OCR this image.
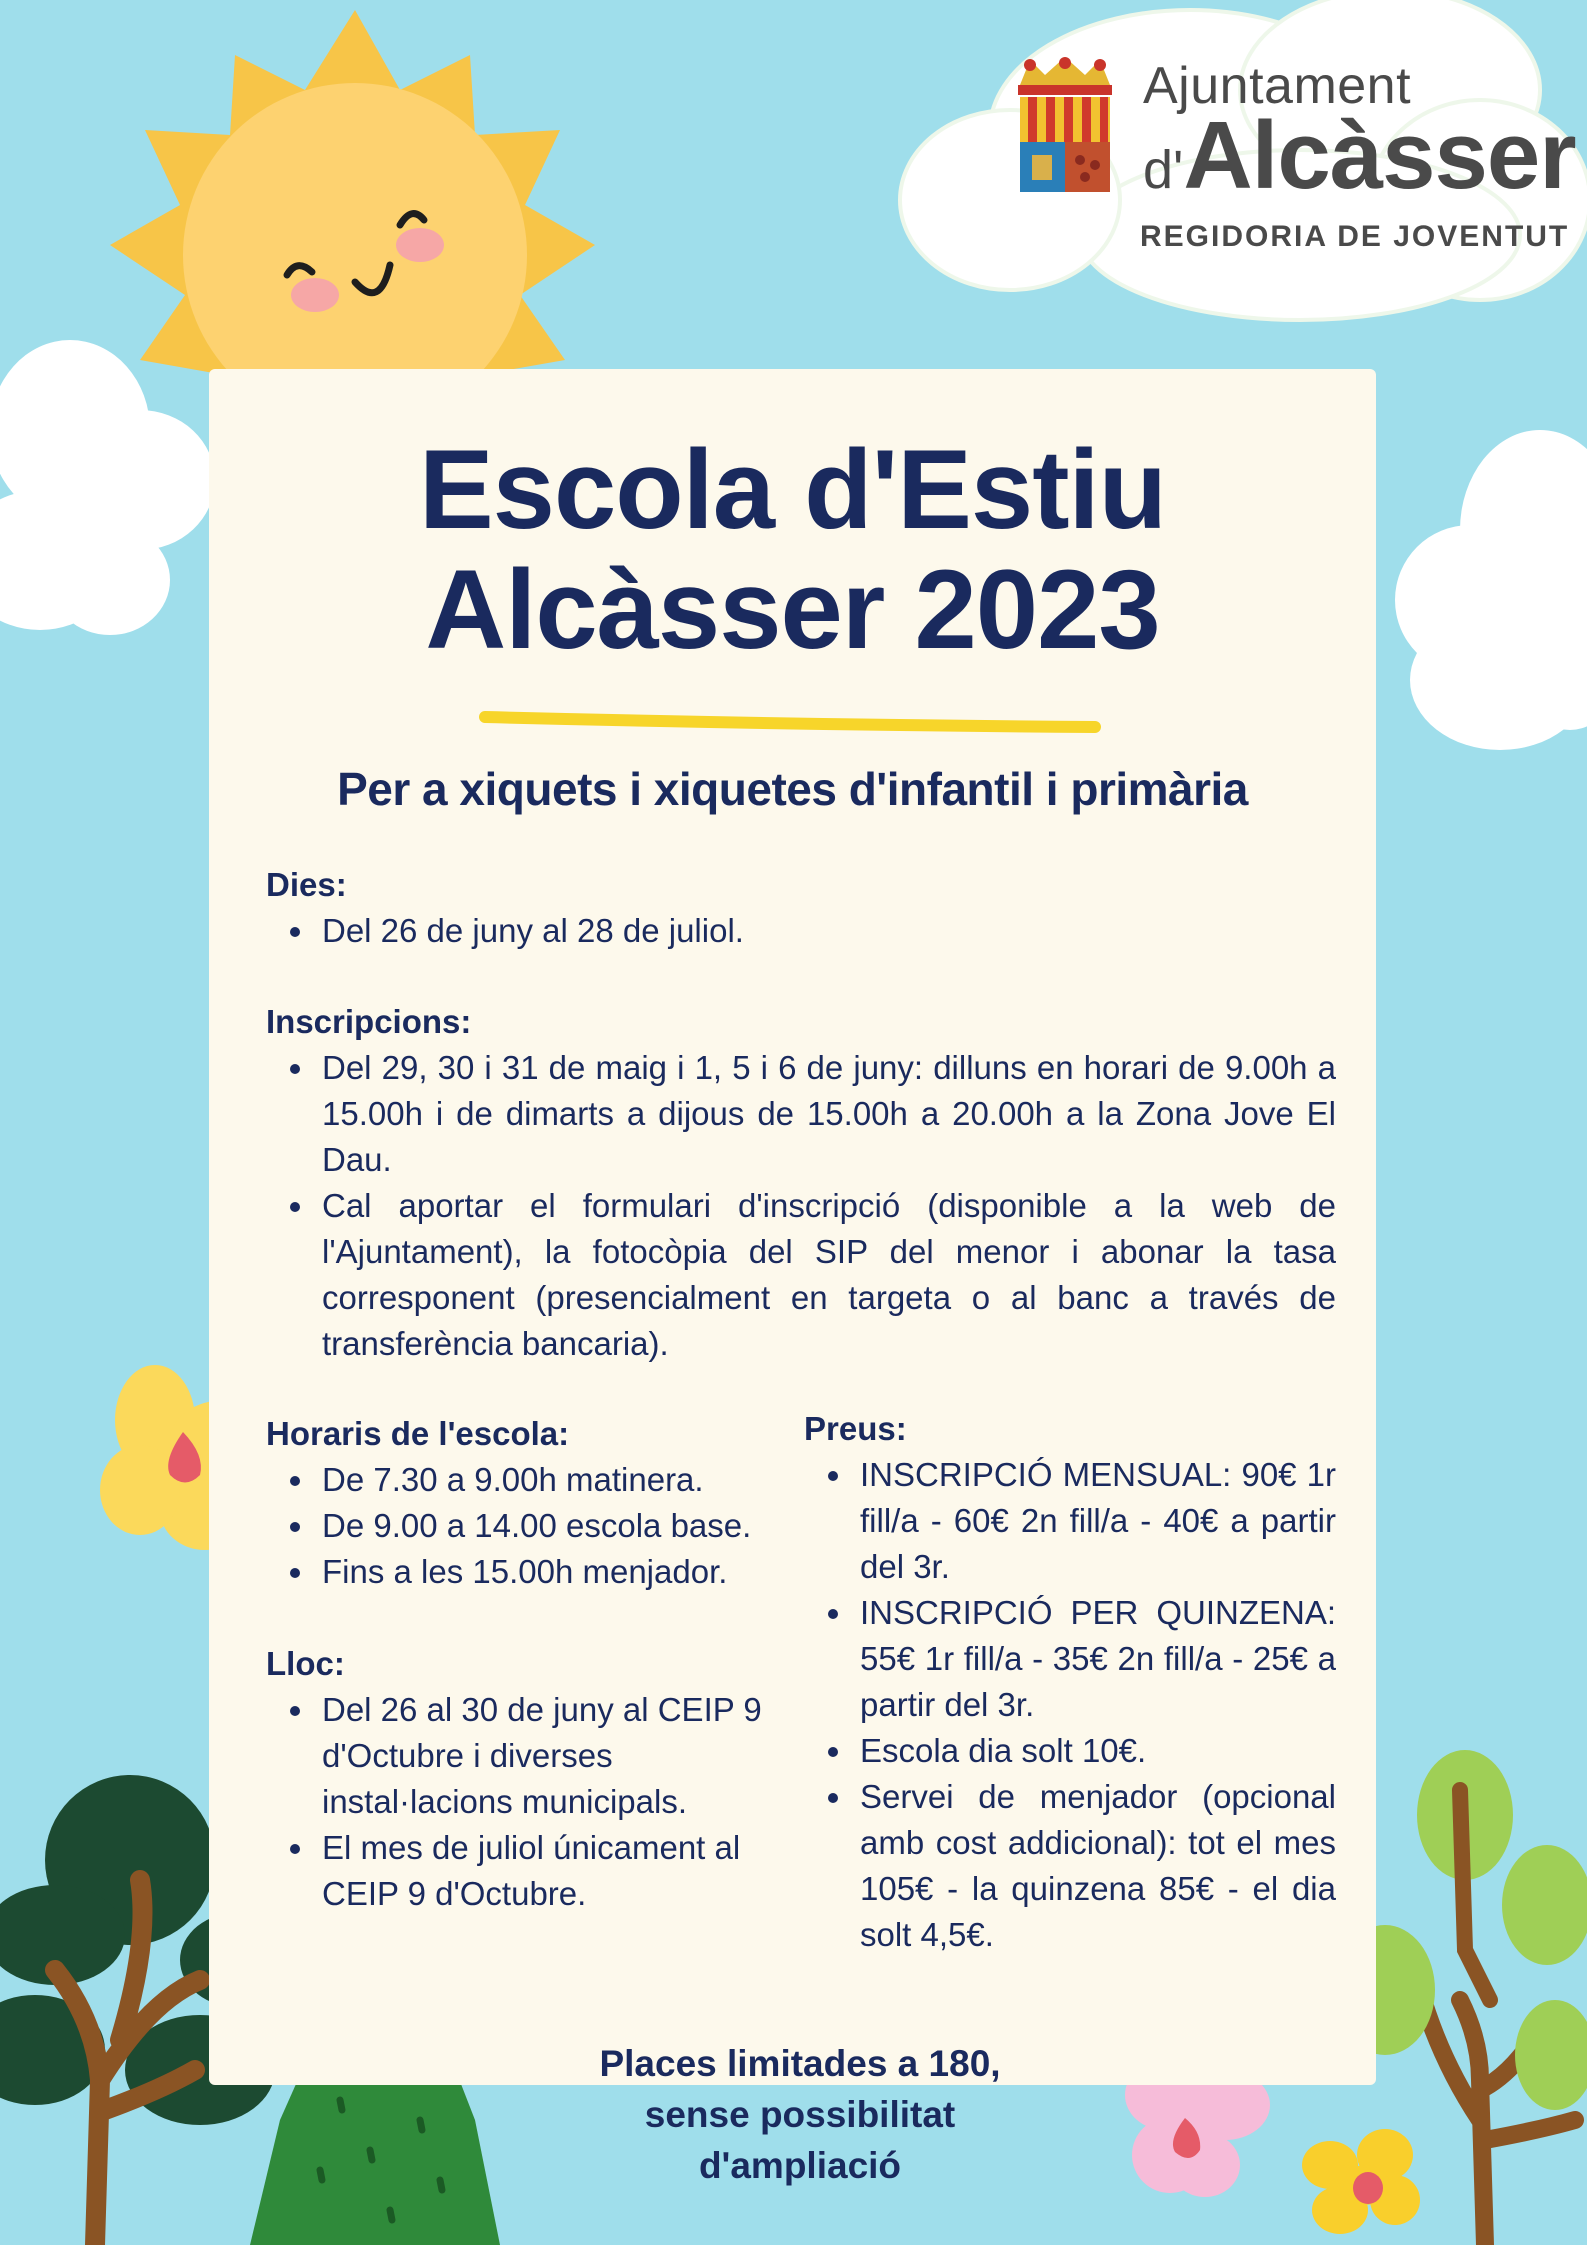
Ajuntament
d'Alcàsser
REGIDORIA DE JOVENTUT
Escola d'Estiu
Alcàsser 2023
Per a xiquets i xiquetes d'infantil i primària
Dies:
Del 26 de juny al 28 de juliol.
Inscripcions:
Del 29, 30 i 31 de maig i 1, 5 i 6 de juny: dilluns en horari de 9.00h a 15.00h i de dimarts a dijous de 15.00h a 20.00h a la Zona Jove El Dau.
Cal aportar el formulari d'inscripció (disponible a la web de l'Ajuntament), la fotocòpia del SIP del menor i abonar la tasa corresponent (presencialment en targeta o al banc a través de transferència bancaria).
Horaris de l'escola:
De 7.30 a 9.00h matinera.
De 9.00 a 14.00 escola base.
Fins a les 15.00h menjador.
Lloc:
Del 26 al 30 de juny al CEIP 9 d'Octubre i diverses instal·lacions municipals.
El mes de juliol únicament al CEIP 9 d'Octubre.
Preus:
INSCRIPCIÓ MENSUAL: 90€ 1r fill/a - 60€ 2n fill/a - 40€ a partir del 3r.
INSCRIPCIÓ PER QUINZENA: 55€ 1r fill/a - 35€ 2n fill/a - 25€ a partir del 3r.
Escola dia solt 10€.
Servei de menjador (opcional amb cost addicional): tot el mes 105€ - la quinzena 85€ - el dia solt 4,5€.
Places limitades a 180,
sense possibilitat
d'ampliació
